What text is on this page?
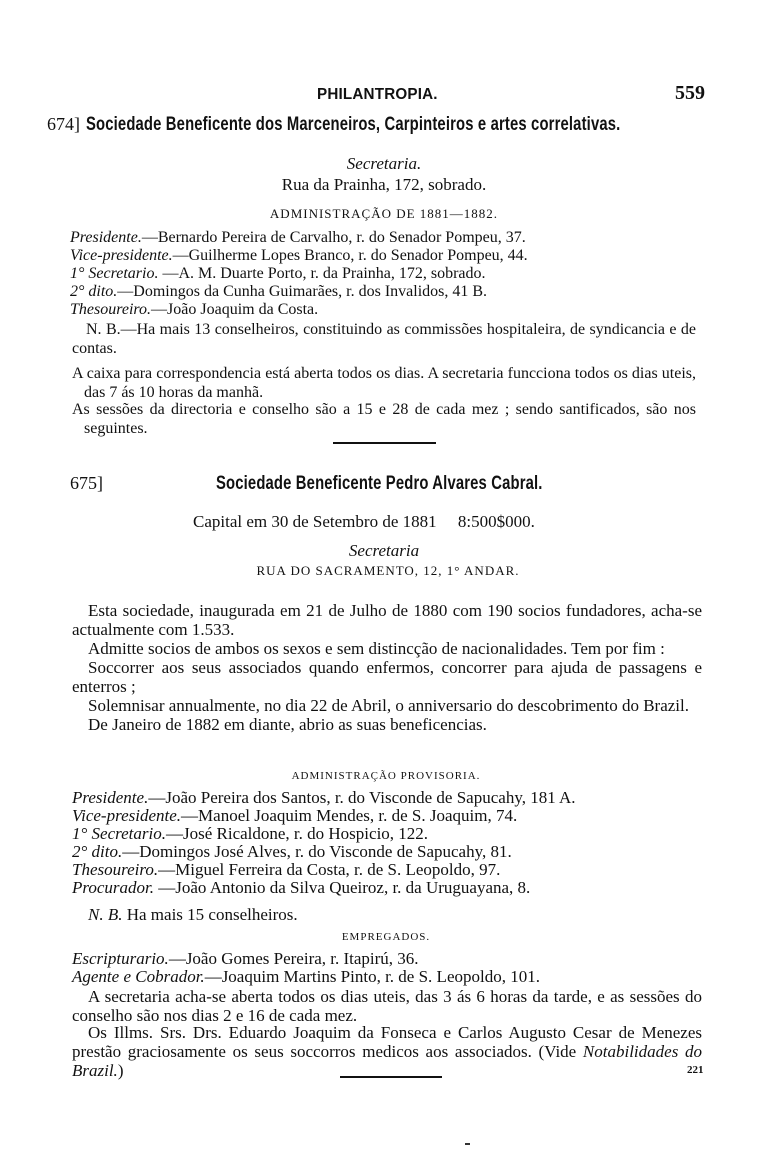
PHILANTROPIA.	559
674] Sociedade Beneficente dos Marceneiros, Carpinteiros e artes correlativas.
Secretaria.
Rua da Prainha, 172, sobrado.
ADMINISTRAÇÃO DE 1881—1882.
Presidente.—Bernardo Pereira de Carvalho, r. do Senador Pompeu, 37.
Vice-presidente.—Guilherme Lopes Branco, r. do Senador Pompeu, 44.
1° Secretario. —A. M. Duarte Porto, r. da Prainha, 172, sobrado.
2° dito.—Domingos da Cunha Guimarães, r. dos Invalidos, 41 B.
Thesoureiro.—João Joaquim da Costa.
N. B.—Ha mais 13 conselheiros, constituindo as commissões hospitaleira, de syndicancia e de contas.
A caixa para correspondencia está aberta todos os dias. A secretaria funcciona todos os dias uteis, das 7 ás 10 horas da manhã.
As sessões da directoria e conselho são a 15 e 28 de cada mez ; sendo santificados, são nos seguintes.
675]	Sociedade Beneficente Pedro Alvares Cabral.
Capital em 30 de Setembro de 1881     8:500$000.
Secretaria
RUA DO SACRAMENTO, 12, 1° ANDAR.
Esta sociedade, inaugurada em 21 de Julho de 1880 com 190 socios fundadores, acha-se actualmente com 1.533.
Admitte socios de ambos os sexos e sem distincção de nacionalidades. Tem por fim :
Soccorrer aos seus associados quando enfermos, concorrer para ajuda de passagens e enterros ;
Solemnisar annualmente, no dia 22 de Abril, o anniversario do descobrimento do Brazil.
De Janeiro de 1882 em diante, abrio as suas beneficencias.
ADMINISTRAÇÃO PROVISORIA.
Presidente.—João Pereira dos Santos, r. do Visconde de Sapucahy, 181 A.
Vice-presidente.—Manoel Joaquim Mendes, r. de S. Joaquim, 74.
1° Secretario.—José Ricaldone, r. do Hospicio, 122.
2° dito.—Domingos José Alves, r. do Visconde de Sapucahy, 81.
Thesoureiro.—Miguel Ferreira da Costa, r. de S. Leopoldo, 97.
Procurador. —João Antonio da Silva Queiroz, r. da Uruguayana, 8.
N. B. Ha mais 15 conselheiros.
EMPREGADOS.
Escripturario.—João Gomes Pereira, r. Itapirú, 36.
Agente e Cobrador.—Joaquim Martins Pinto, r. de S. Leopoldo, 101.
A secretaria acha-se aberta todos os dias uteis, das 3 ás 6 horas da tarde, e as sessões do conselho são nos dias 2 e 16 de cada mez.
Os Illms. Srs. Drs. Eduardo Joaquim da Fonseca e Carlos Augusto Cesar de Menezes prestão graciosamente os seus soccorros medicos aos associados. (Vide Notabilidades do Brazil.)	221
